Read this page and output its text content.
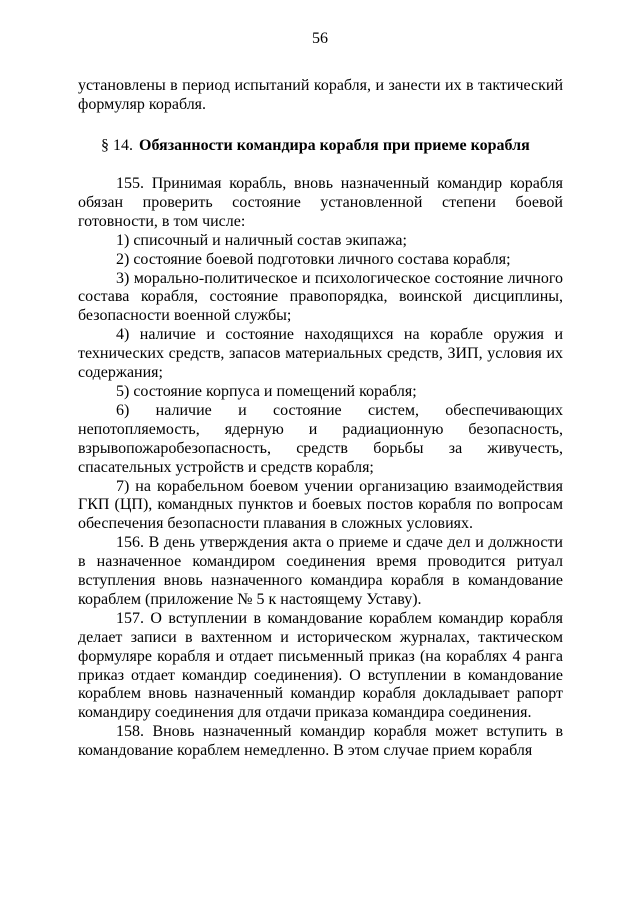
56

установлены в период испытаний корабля, и занести их в тактический формуляр корабля.

§ 14. Обязанности командира корабля при приеме корабля

155. Принимая корабль, вновь назначенный командир корабля обязан проверить состояние установленной степени боевой готовности, в том числе:

1) списочный и наличный состав экипажа;

2) состояние боевой подготовки личного состава корабля;

3) морально-политическое и психологическое состояние личного состава корабля, состояние правопорядка, воинской дисциплины, безопасности военной службы;

4) наличие и состояние находящихся на корабле оружия и технических средств, запасов материальных средств, ЗИП, условия их содержания;

5) состояние корпуса и помещений корабля;

6) наличие и состояние систем, обеспечивающих непотопляемость, ядерную и радиационную безопасность, взрывопожаробезопасность, средств борьбы за живучесть, спасательных устройств и средств корабля;

7) на корабельном боевом учении организацию взаимодействия ГКП (ЦП), командных пунктов и боевых постов корабля по вопросам обеспечения безопасности плавания в сложных условиях.

156. В день утверждения акта о приеме и сдаче дел и должности в назначенное командиром соединения время проводится ритуал вступления вновь назначенного командира корабля в командование кораблем (приложение № 5 к настоящему Уставу).

157. О вступлении в командование кораблем командир корабля делает записи в вахтенном и историческом журналах, тактическом формуляре корабля и отдает письменный приказ (на кораблях 4 ранга приказ отдает командир соединения). О вступлении в командование кораблем вновь назначенный командир корабля докладывает рапорт командиру соединения для отдачи приказа командира соединения.

158. Вновь назначенный командир корабля может вступить в командование кораблем немедленно. В этом случае прием корабля
